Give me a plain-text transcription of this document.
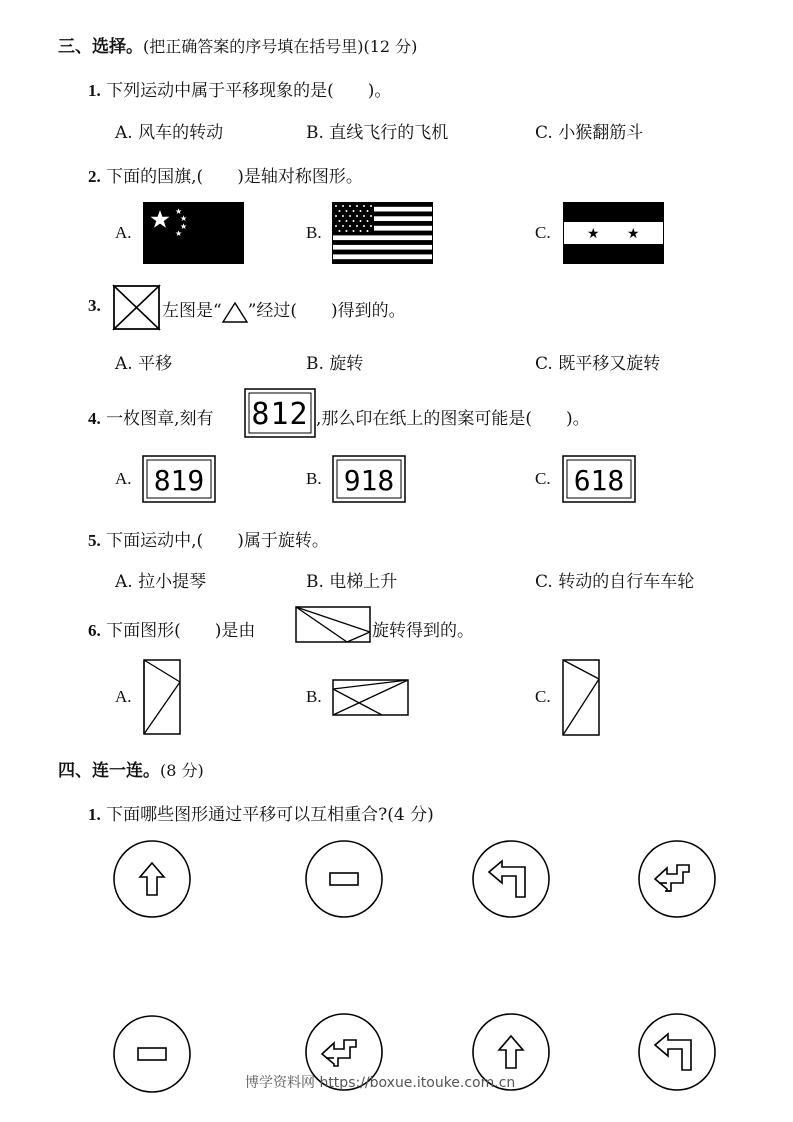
三、选择。(把正确答案的序号填在括号里)(12 分)
1. 下列运动中属于平移现象的是(　　)。
A. 风车的转动	B. 直线飞行的飞机	C. 小猴翻筋斗
2. 下面的国旗,(　　)是轴对称图形。
A.
★
★
★
★	B.	C.	★ ★
3.	左图是“ ”经过(　　)得到的。
A. 平移	B. 旋转	C. 既平移又旋转
4. 一枚图章,刻有 812 ,那么印在纸上的图案可能是(　　)。
A. 819	B. 918	C. 618
5. 下面运动中,(　　)属于旋转。
A. 拉小提琴	B. 电梯上升	C. 转动的自行车车轮
6. 下面图形(　　)是由	旋转得到的。
A.	B.	C.
四、连一连。(8 分)
1. 下面哪些图形通过平移可以互相重合?(4 分)
博学资料网 https://boxue.itouke.com.cn
